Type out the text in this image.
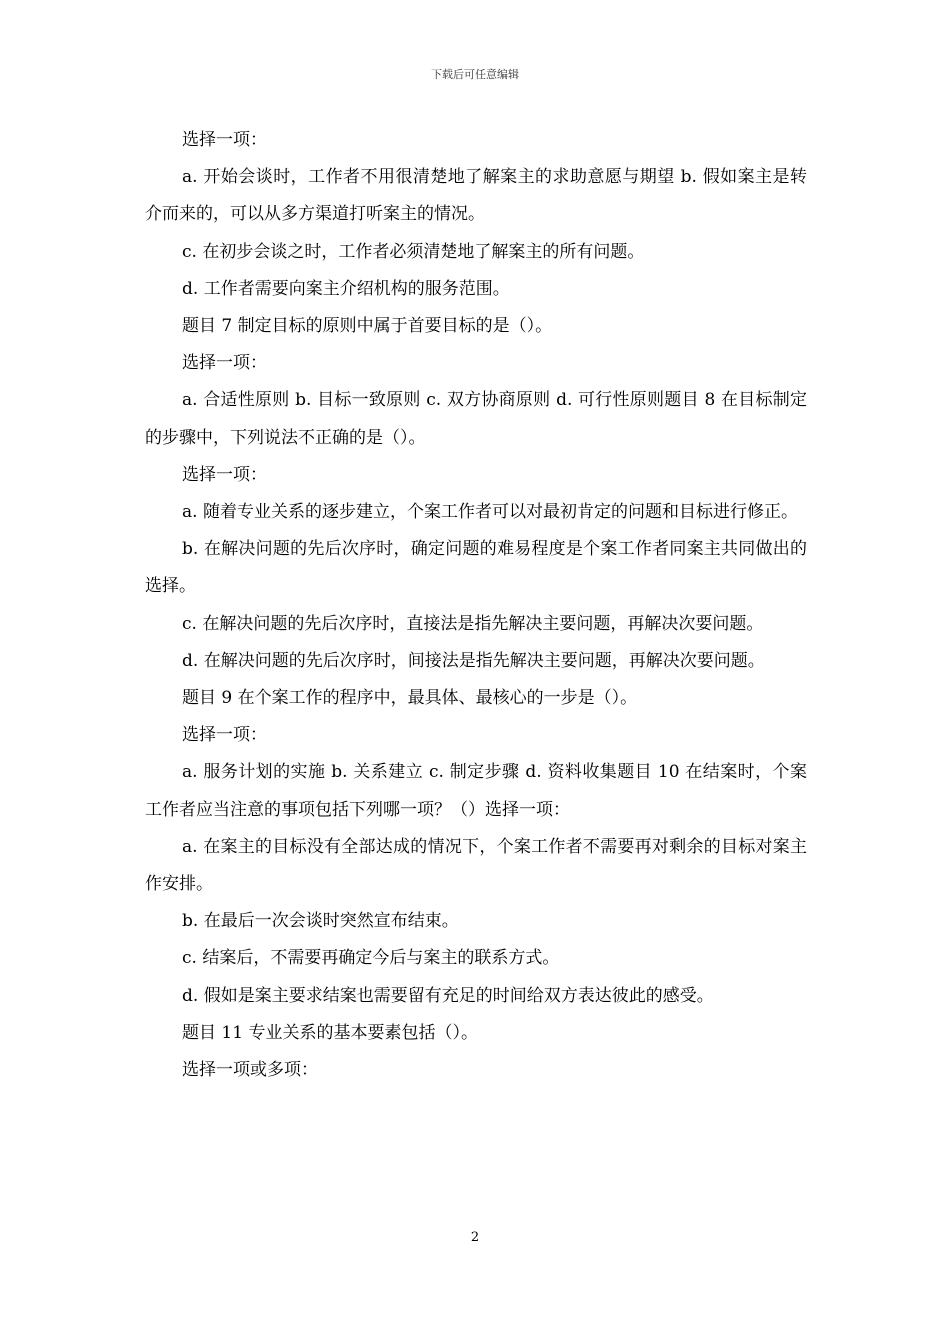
下载后可任意编辑

选择一项：

a. 开始会谈时，工作者不用很清楚地了解案主的求助意愿与期望 b. 假如案主是转介而来的，可以从多方渠道打听案主的情况。

c. 在初步会谈之时，工作者必须清楚地了解案主的所有问题。

d. 工作者需要向案主介绍机构的服务范围。

题目 7 制定目标的原则中属于首要目标的是（）。

选择一项：

a. 合适性原则 b. 目标一致原则 c. 双方协商原则 d. 可行性原则题目 8 在目标制定的步骤中，下列说法不正确的是（）。

选择一项：

a. 随着专业关系的逐步建立，个案工作者可以对最初肯定的问题和目标进行修正。

b. 在解决问题的先后次序时，确定问题的难易程度是个案工作者同案主共同做出的选择。

c. 在解决问题的先后次序时，直接法是指先解决主要问题，再解决次要问题。

d. 在解决问题的先后次序时，间接法是指先解决主要问题，再解决次要问题。

题目 9 在个案工作的程序中，最具体、最核心的一步是（）。

选择一项：

a. 服务计划的实施 b. 关系建立 c. 制定步骤 d. 资料收集题目 10 在结案时，个案工作者应当注意的事项包括下列哪一项？（）选择一项：

a. 在案主的目标没有全部达成的情况下，个案工作者不需要再对剩余的目标对案主作安排。

b. 在最后一次会谈时突然宣布结束。

c. 结案后，不需要再确定今后与案主的联系方式。

d. 假如是案主要求结案也需要留有充足的时间给双方表达彼此的感受。

题目 11 专业关系的基本要素包括（）。

选择一项或多项：

2
